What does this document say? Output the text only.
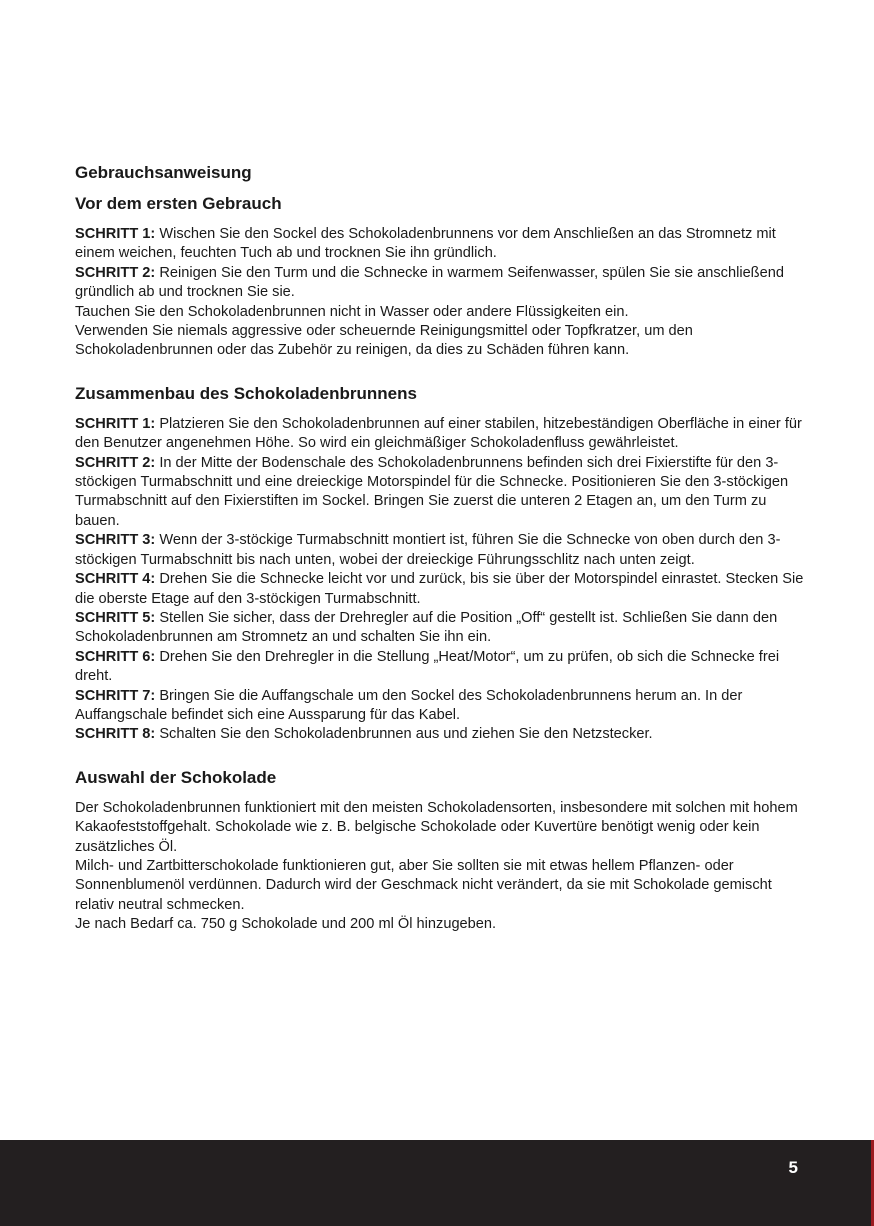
Gebrauchsanweisung
Vor dem ersten Gebrauch

SCHRITT 1: Wischen Sie den Sockel des Schokoladenbrunnens vor dem Anschließen an das Stromnetz mit einem weichen, feuchten Tuch ab und trocknen Sie ihn gründlich.

SCHRITT 2: Reinigen Sie den Turm und die Schnecke in warmem Seifenwasser, spülen Sie sie anschließend gründlich ab und trocknen Sie sie.

Tauchen Sie den Schokoladenbrunnen nicht in Wasser oder andere Flüssigkeiten ein.

Verwenden Sie niemals aggressive oder scheuernde Reinigungsmittel oder Topfkratzer, um den Schokoladenbrunnen oder das Zubehör zu reinigen, da dies zu Schäden führen kann.

Zusammenbau des Schokoladenbrunnens

SCHRITT 1: Platzieren Sie den Schokoladenbrunnen auf einer stabilen, hitzebeständigen Oberfläche in einer für den Benutzer angenehmen Höhe. So wird ein gleichmäßiger Schokoladenfluss gewährleistet.

SCHRITT 2: In der Mitte der Bodenschale des Schokoladenbrunnens befinden sich drei Fixierstifte für den 3-stöckigen Turmabschnitt und eine dreieckige Motorspindel für die Schnecke. Positionieren Sie den 3-stöckigen Turmabschnitt auf den Fixierstiften im Sockel. Bringen Sie zuerst die unteren 2 Etagen an, um den Turm zu bauen.

SCHRITT 3: Wenn der 3-stöckige Turmabschnitt montiert ist, führen Sie die Schnecke von oben durch den 3-stöckigen Turmabschnitt bis nach unten, wobei der dreieckige Führungsschlitz nach unten zeigt.

SCHRITT 4: Drehen Sie die Schnecke leicht vor und zurück, bis sie über der Motorspindel einrastet. Stecken Sie die oberste Etage auf den 3-stöckigen Turmabschnitt.

SCHRITT 5: Stellen Sie sicher, dass der Drehregler auf die Position „Off“ gestellt ist. Schließen Sie dann den Schokoladenbrunnen am Stromnetz an und schalten Sie ihn ein.

SCHRITT 6: Drehen Sie den Drehregler in die Stellung „Heat/Motor“, um zu prüfen, ob sich die Schnecke frei dreht.

SCHRITT 7: Bringen Sie die Auffangschale um den Sockel des Schokoladenbrunnens herum an. In der Auffangschale befindet sich eine Aussparung für das Kabel.

SCHRITT 8: Schalten Sie den Schokoladenbrunnen aus und ziehen Sie den Netzstecker.

Auswahl der Schokolade

Der Schokoladenbrunnen funktioniert mit den meisten Schokoladensorten, insbesondere mit solchen mit hohem Kakaofeststoffgehalt. Schokolade wie z. B. belgische Schokolade oder Kuvertüre benötigt wenig oder kein zusätzliches Öl.

Milch- und Zartbitterschokolade funktionieren gut, aber Sie sollten sie mit etwas hellem Pflanzen- oder Sonnenblumenöl verdünnen. Dadurch wird der Geschmack nicht verändert, da sie mit Schokolade gemischt relativ neutral schmecken.

Je nach Bedarf ca. 750 g Schokolade und 200 ml Öl hinzugeben.

5
